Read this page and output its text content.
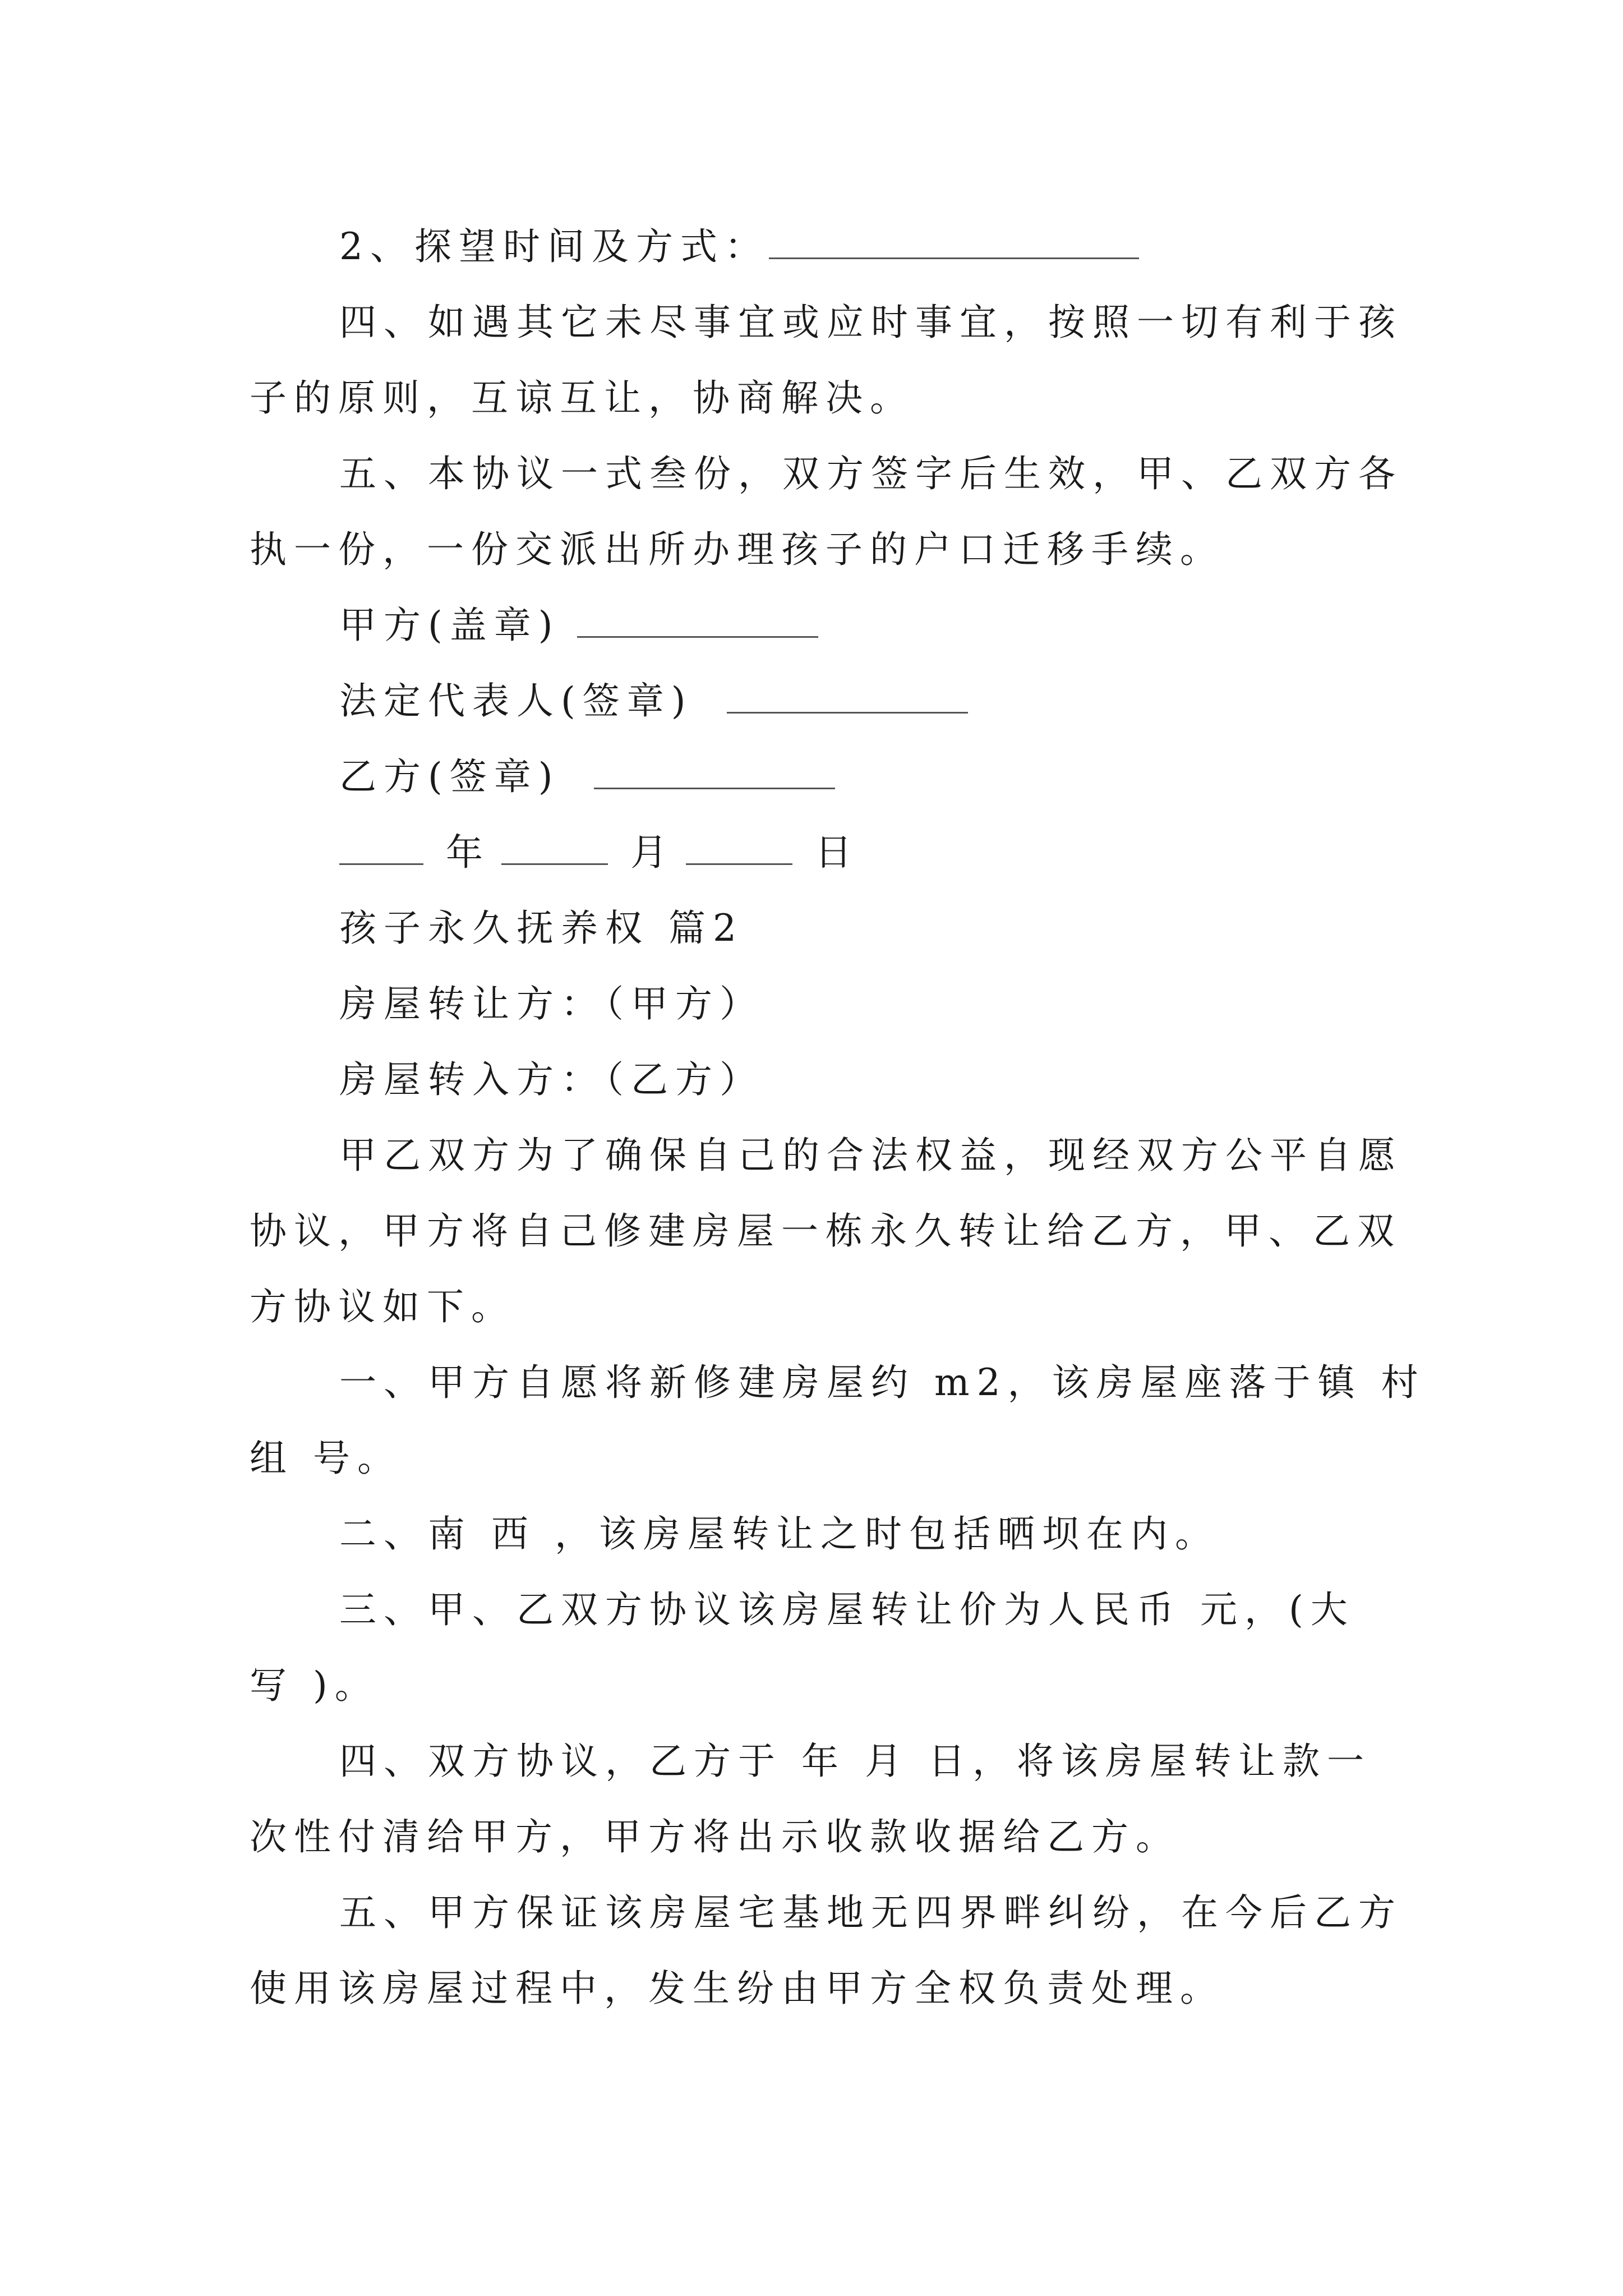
2、探望时间及方式：
四、如遇其它未尽事宜或应时事宜，按照一切有利于孩
子的原则，互谅互让，协商解决。
五、本协议一式叁份，双方签字后生效，甲、乙双方各
执一份，一份交派出所办理孩子的户口迁移手续。
甲方(盖章)
法定代表人(签章)
乙方(签章)
年	月	日
孩子永久抚养权 篇2
房屋转让方：（甲方）
房屋转入方：（乙方）
甲乙双方为了确保自己的合法权益，现经双方公平自愿
协议，甲方将自己修建房屋一栋永久转让给乙方，甲、乙双
方协议如下。
一、甲方自愿将新修建房屋约 m2，该房屋座落于镇 村
组 号。
二、南 西 ，该房屋转让之时包括晒坝在内。
三、甲、乙双方协议该房屋转让价为人民币 元，(大
写 )。
四、双方协议，乙方于 年 月 日，将该房屋转让款一
次性付清给甲方，甲方将出示收款收据给乙方。
五、甲方保证该房屋宅基地无四界畔纠纷，在今后乙方
使用该房屋过程中，发生纷由甲方全权负责处理。
